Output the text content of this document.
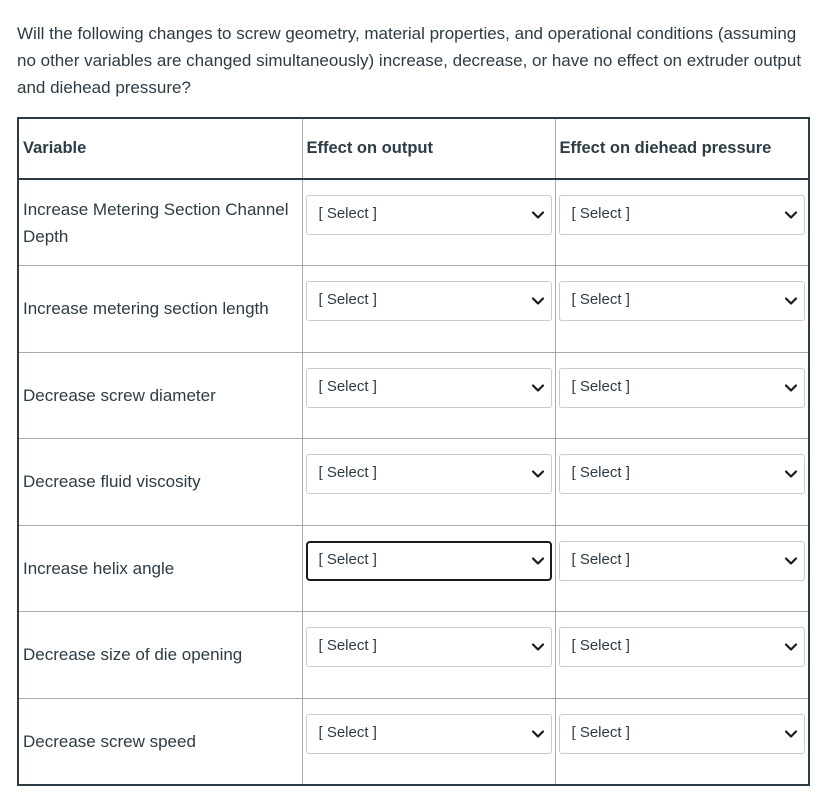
Will the following changes to screw geometry, material properties, and operational conditions (assuming no other variables are changed simultaneously) increase, decrease, or have no effect on extruder output and diehead pressure?
Variable	Effect on output	Effect on diehead pressure
Increase Metering Section Channel Depth	[ Select ]	[ Select ]

Increase metering section length	[ Select ]	[ Select ]

Decrease screw diameter	[ Select ]	[ Select ]

Decrease fluid viscosity	[ Select ]	[ Select ]

Increase helix angle	[ Select ]	[ Select ]

Decrease size of die opening	[ Select ]	[ Select ]

Decrease screw speed	[ Select ]	[ Select ]
